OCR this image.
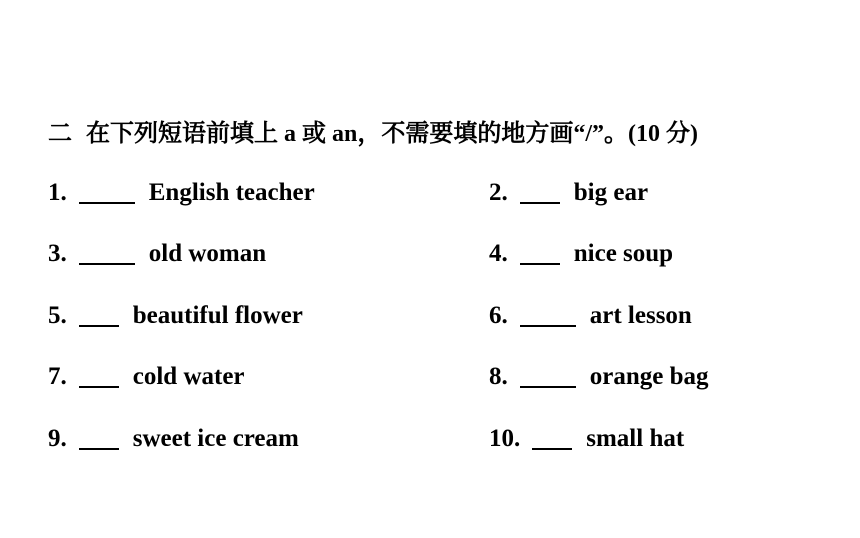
二 在下列短语前填上 a 或 an，不需要填的地方画“/”。(10 分)
1.	English teacher	2.	big ear
3.	old woman	4.	nice soup
5.	beautiful flower	6.	art lesson
7.	cold water	8.	orange bag
9.	sweet ice cream	10.	small hat
